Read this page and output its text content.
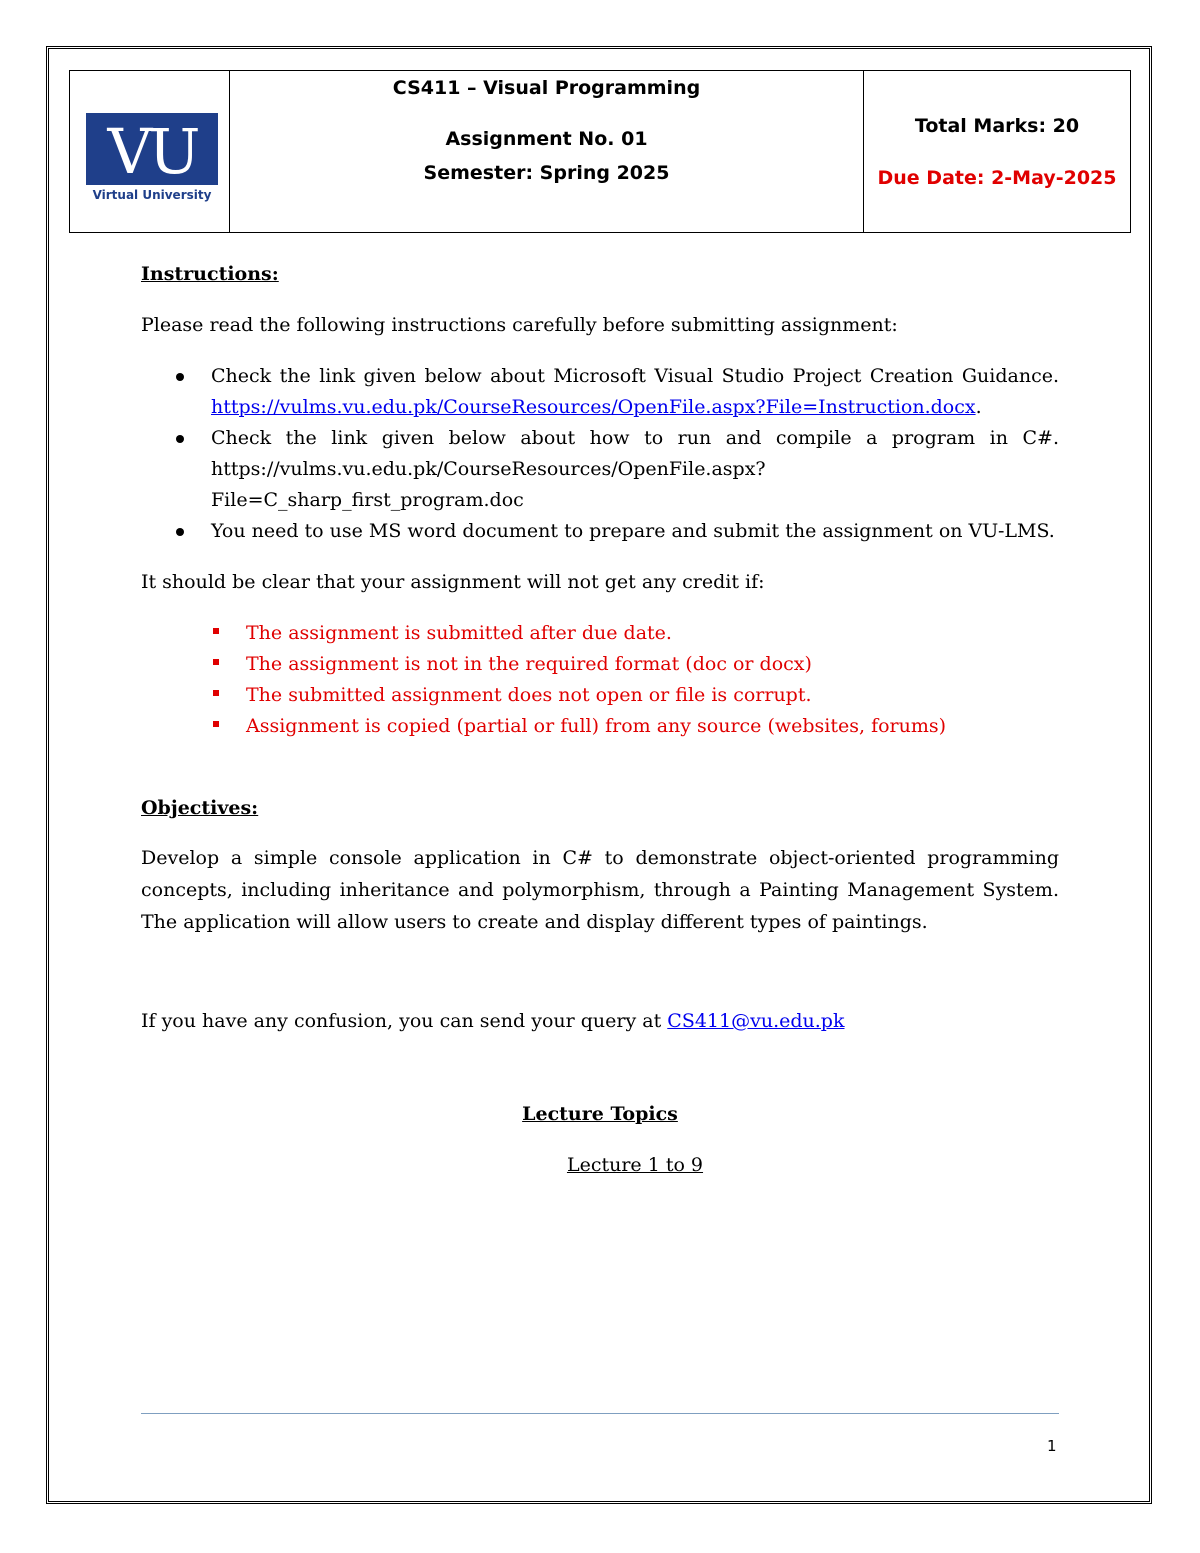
VU
Virtual University
CS411 – Visual Programming
Assignment No. 01
Semester: Spring 2025
Total Marks: 20
Due Date: 2-May-2025
Instructions:
Please read the following instructions carefully before submitting assignment:
Check the link given below about Microsoft Visual Studio Project Creation Guidance.
https://vulms.vu.edu.pk/CourseResources/OpenFile.aspx?File=Instruction.docx.
Check the link given below about how to run and compile a program in C#.
https://vulms.vu.edu.pk/CourseResources/OpenFile.aspx?
File=C_sharp_first_program.doc
You need to use MS word document to prepare and submit the assignment on VU-LMS.
It should be clear that your assignment will not get any credit if:
The assignment is submitted after due date.
The assignment is not in the required format (doc or docx)
The submitted assignment does not open or file is corrupt.
Assignment is copied (partial or full) from any source (websites, forums)
Objectives:
Develop a simple console application in C# to demonstrate object-oriented programming concepts, including inheritance and polymorphism, through a Painting Management System. The application will allow users to create and display different types of paintings.
If you have any confusion, you can send your query at CS411@vu.edu.pk
Lecture Topics
Lecture 1 to 9
1
